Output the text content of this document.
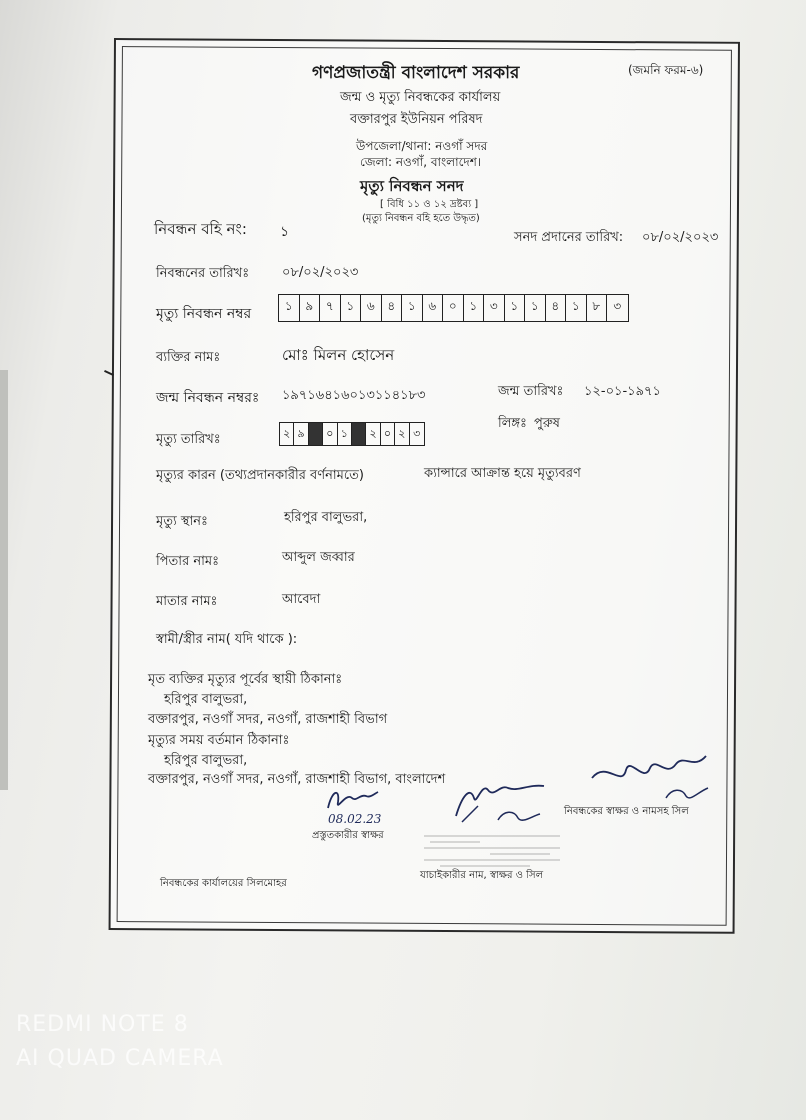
গণপ্রজাতন্ত্রী বাংলাদেশ সরকার	(জমনি ফরম-৬)
জন্ম ও মৃত্যু নিবন্ধকের কার্যালয়
বক্তারপুর ইউনিয়ন পরিষদ
উপজেলা/থানা: নওগাঁ সদর
জেলা: নওগাঁ, বাংলাদেশ।
মৃত্যু নিবন্ধন সনদ
[ বিধি ১১ ও ১২ দ্রষ্টব্য ]
(মৃত্যু নিবন্ধন বহি হতে উদ্ধৃত)
নিবন্ধন বহি নং: ১	সনদ প্রদানের তারিখ: ০৮/০২/২০২৩
নিবন্ধনের তারিখঃ	০৮/০২/২০২৩
মৃত্যু নিবন্ধন নম্বর	১	৯	৭	১	৬	৪	১	৬	০	১	৩	১	১	৪	১	৮	৩
ব্যক্তির নামঃ	মোঃ মিলন হোসেন
জন্ম নিবন্ধন নম্বরঃ ১৯৭১৬৪১৬০১৩১১৪১৮৩	জন্ম তারিখঃ ১২-০১-১৯৭১
লিঙ্গঃ পুরুষ
মৃত্যু তারিখঃ	২ ৯	০ ১	২ ০ ২ ৩
মৃত্যুর কারন (তথ্যপ্রদানকারীর বর্ণনামতে)	ক্যান্সারে আক্রান্ত হয়ে মৃত্যুবরণ
মৃত্যু স্থানঃ	হরিপুর বালুভরা,
পিতার নামঃ	আব্দুল জব্বার
মাতার নামঃ	আবেদা
স্বামী/স্ত্রীর নাম( যদি থাকে ):
মৃত ব্যক্তির মৃত্যুর পূর্বের স্থায়ী ঠিকানাঃ
হরিপুর বালুভরা,
বক্তারপুর, নওগাঁ সদর, নওগাঁ, রাজশাহী বিভাগ
মৃত্যুর সময় বর্তমান ঠিকানাঃ
হরিপুর বালুভরা,
বক্তারপুর, নওগাঁ সদর, নওগাঁ, রাজশাহী বিভাগ, বাংলাদেশ
08.02.23
প্রস্তুতকারীর স্বাক্ষর
নিবন্ধকের স্বাক্ষর ও নামসহ সিল
যাচাইকারীর নাম, স্বাক্ষর ও সিল
নিবন্ধকের কার্যালয়ের সিলমোহর
REDMI NOTE 8
AI QUAD CAMERA
